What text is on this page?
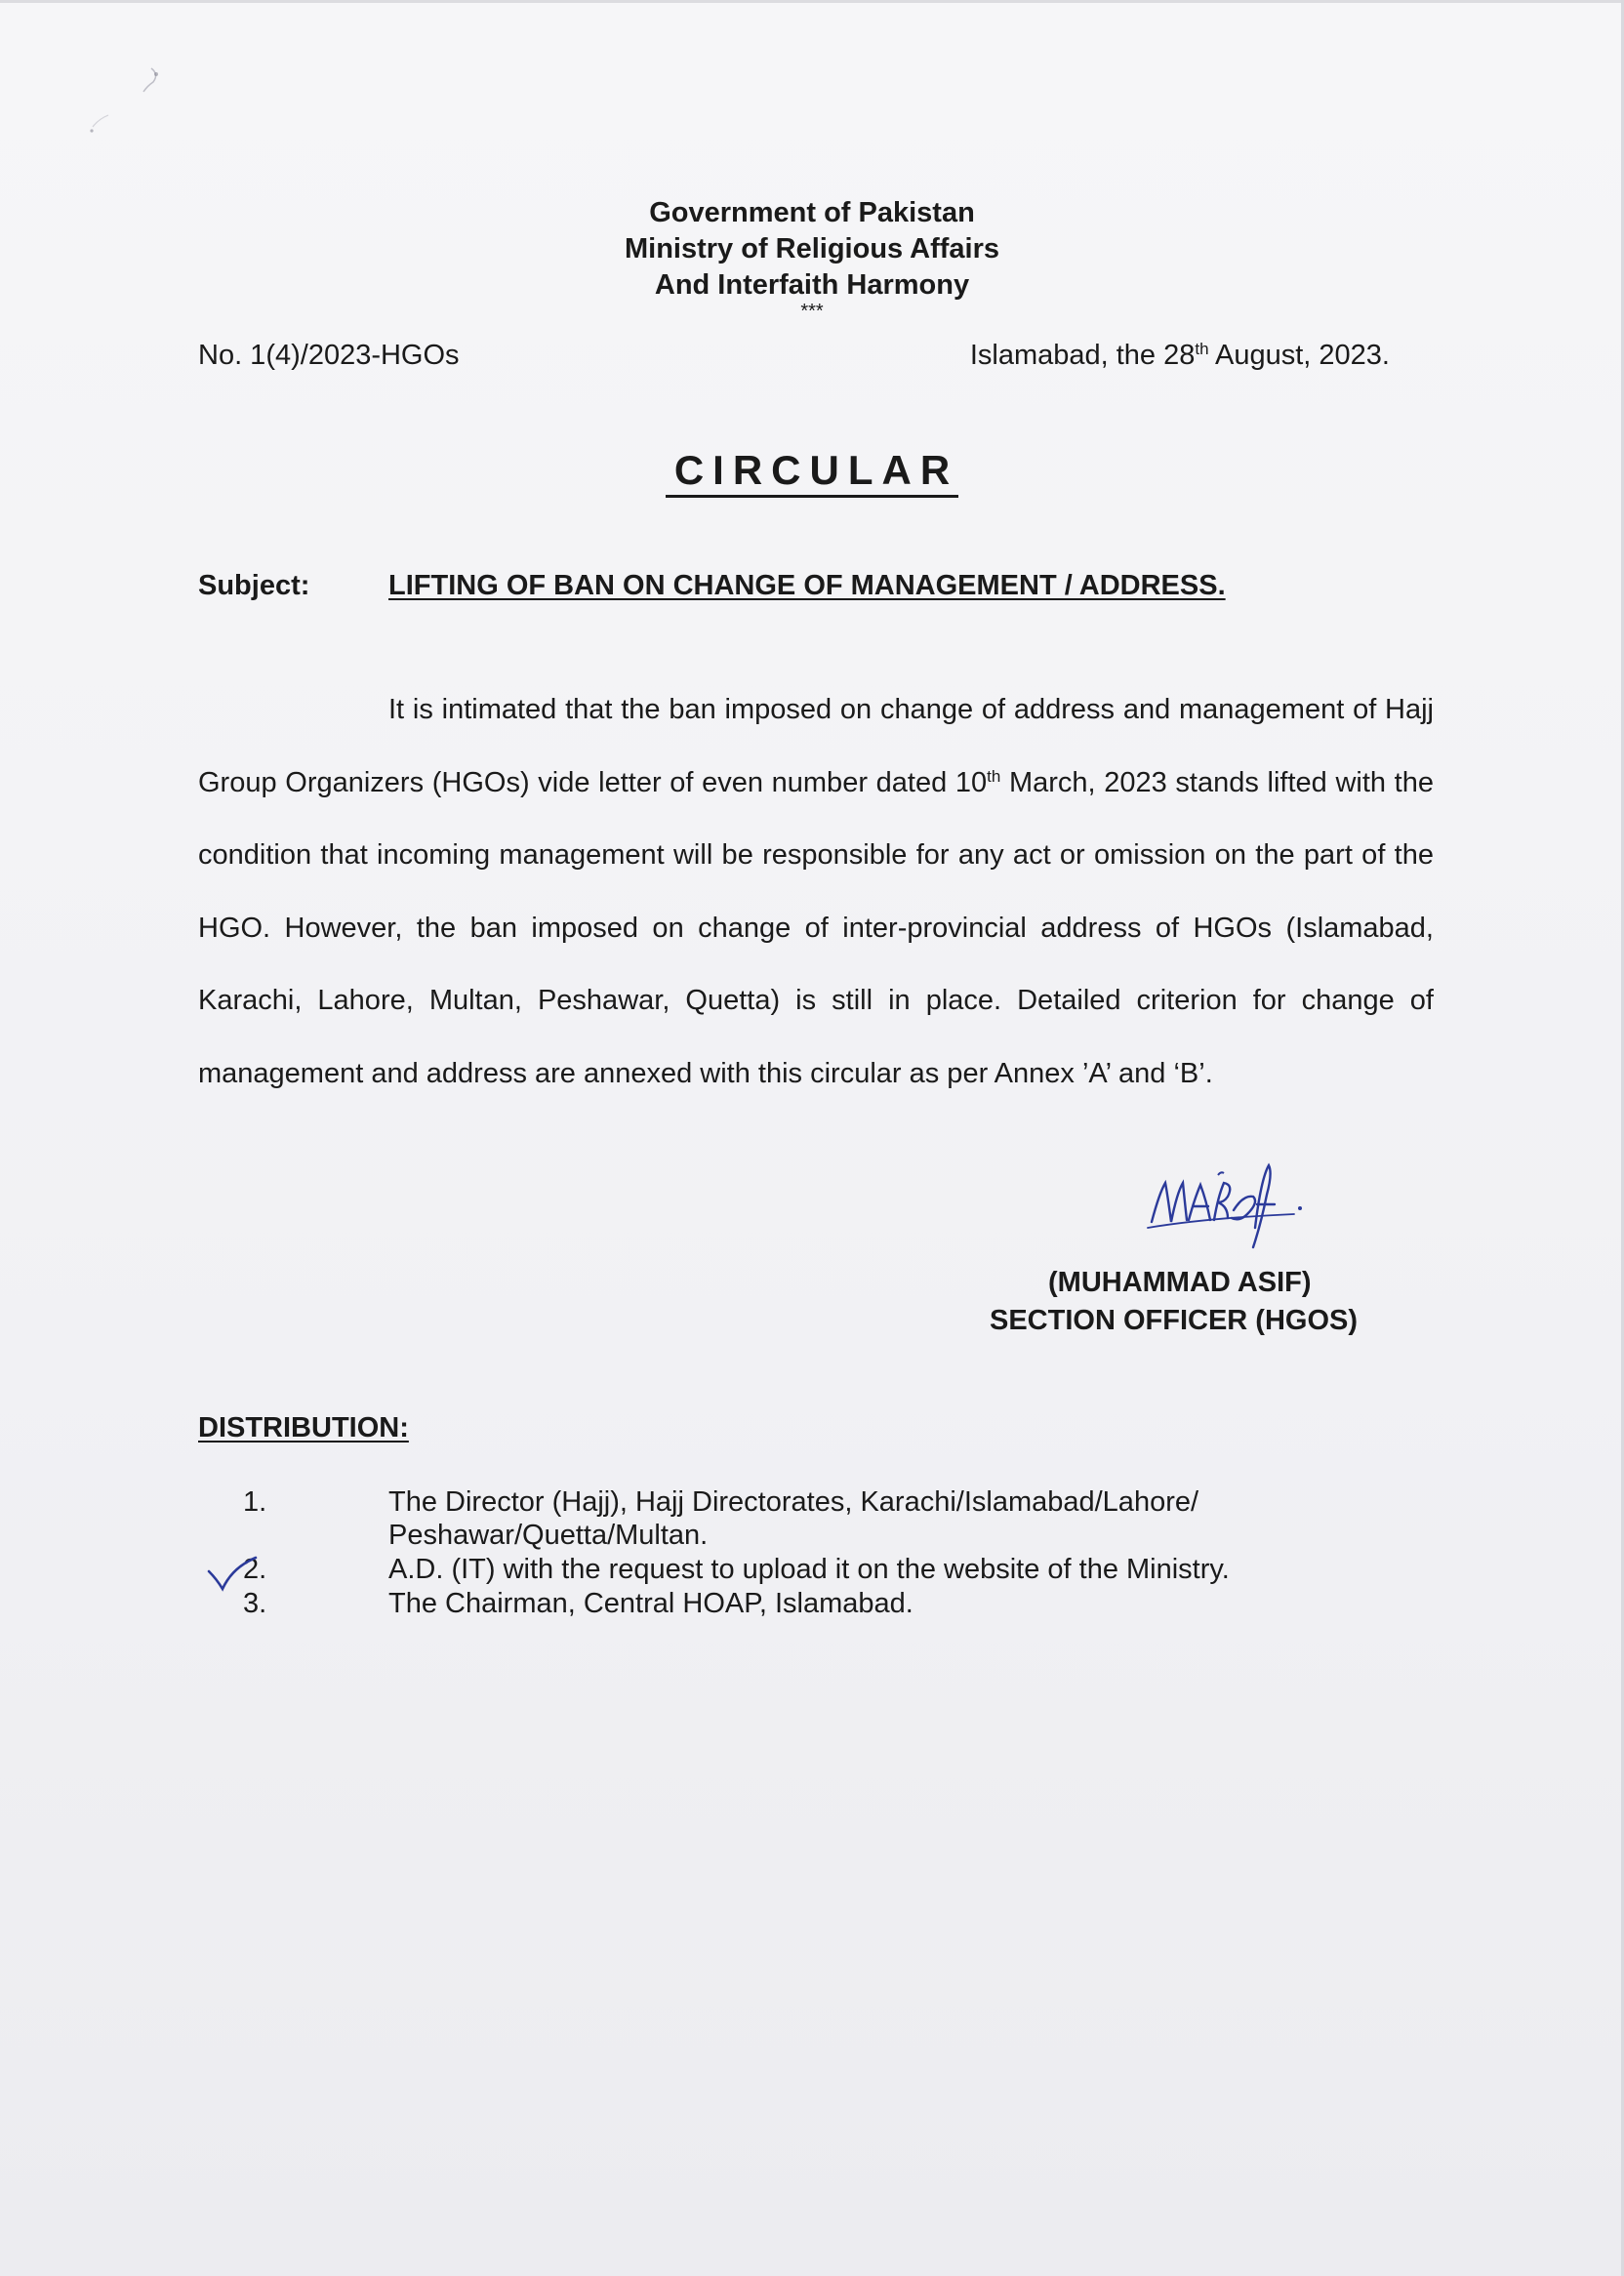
Government of Pakistan
Ministry of Religious Affairs
And Interfaith Harmony
***
No. 1(4)/2023-HGOs	Islamabad, the 28th August, 2023.
CIRCULAR
Subject:	LIFTING OF BAN ON CHANGE OF MANAGEMENT / ADDRESS.
It is intimated that the ban imposed on change of address and management of Hajj Group Organizers (HGOs) vide letter of even number dated 10th March, 2023 stands lifted with the condition that incoming management will be responsible for any act or omission on the part of the HGO. However, the ban imposed on change of inter-provincial address of HGOs (Islamabad, Karachi, Lahore, Multan, Peshawar, Quetta) is still in place. Detailed criterion for change of management and address are annexed with this circular as per Annex ’A’ and ‘B’.
(MUHAMMAD ASIF)
SECTION OFFICER (HGOS)
DISTRIBUTION:
1.	The Director (Hajj), Hajj Directorates, Karachi/Islamabad/Lahore/
Peshawar/Quetta/Multan.
2.	A.D. (IT) with the request to upload it on the website of the Ministry.
3.	The Chairman, Central HOAP, Islamabad.
